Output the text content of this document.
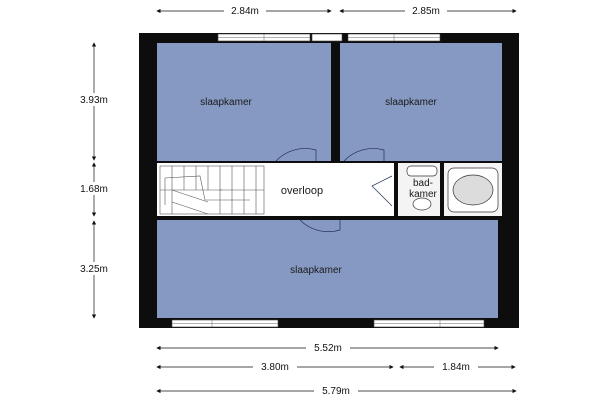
slaapkamer	slaapkamer
overloop
bad-
kamer
slaapkamer
2.84m	2.85m
3.93m
1.68m
3.25m
5.52m
3.80m	1.84m
5.79m
